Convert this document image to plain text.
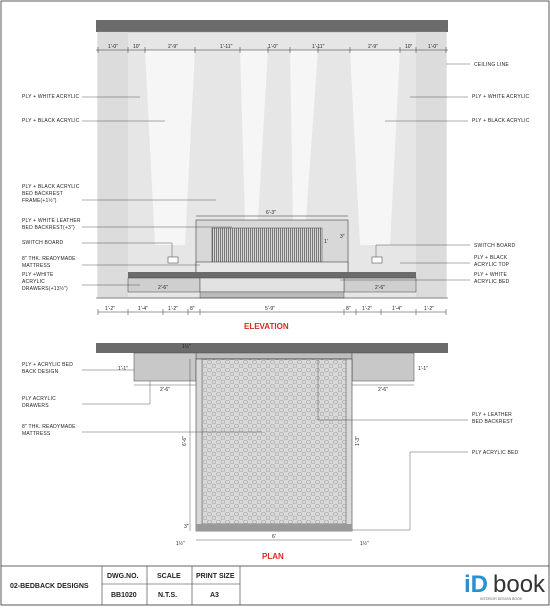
1'-0"	10"	2'-9"	1'-11"	1'-0"	1'-11"	2'-9"	10"	1'-0"
6'-3"
1'
3"
2'-6"	2'-6"
1'-2"	1'-4"	1'-2" 8"	5'-9"	8" 1'-2"	1'-4"	1'-2"
PLY + WHITE ACRYLIC
PLY + BLACK ACRYLIC
PLY + BLACK ACRYLIC
BED BACKREST
FRAME(+1½")
PLY + WHITE LEATHER
BED BACKREST(+3")
SWITCH BOARD
8" THK. READYMADE
MATTRESS
PLY +WHITE
ACRYLIC
DRAWERS(+13½")
CEILING LINE
PLY + WHITE ACRYLIC
PLY + BLACK ACRYLIC
SWITCH BOARD
PLY + BLACK
ACRYLIC TOP
PLY + WHITE
ACRYLIC BED
ELEVATION
1½"
1'-1"	1'-1"
2'-6"	2'-6"
6'-6"	1'-3"
6'
1½"	1½"
3"
PLY + ACRYLIC BED
BACK DESIGN
PLY ACRYLIC
DRAWERS
8" THK. READYMADE
MATTRESS
PLY + LEATHER
BED BACKREST
PLY ACRYLIC BED
PLAN
02-BEDBACK DESIGNS
DWG.NO.
BB1020
SCALE
N.T.S.
PRINT SIZE
A3	iD book
INTERIOR DESIGN BOOK
